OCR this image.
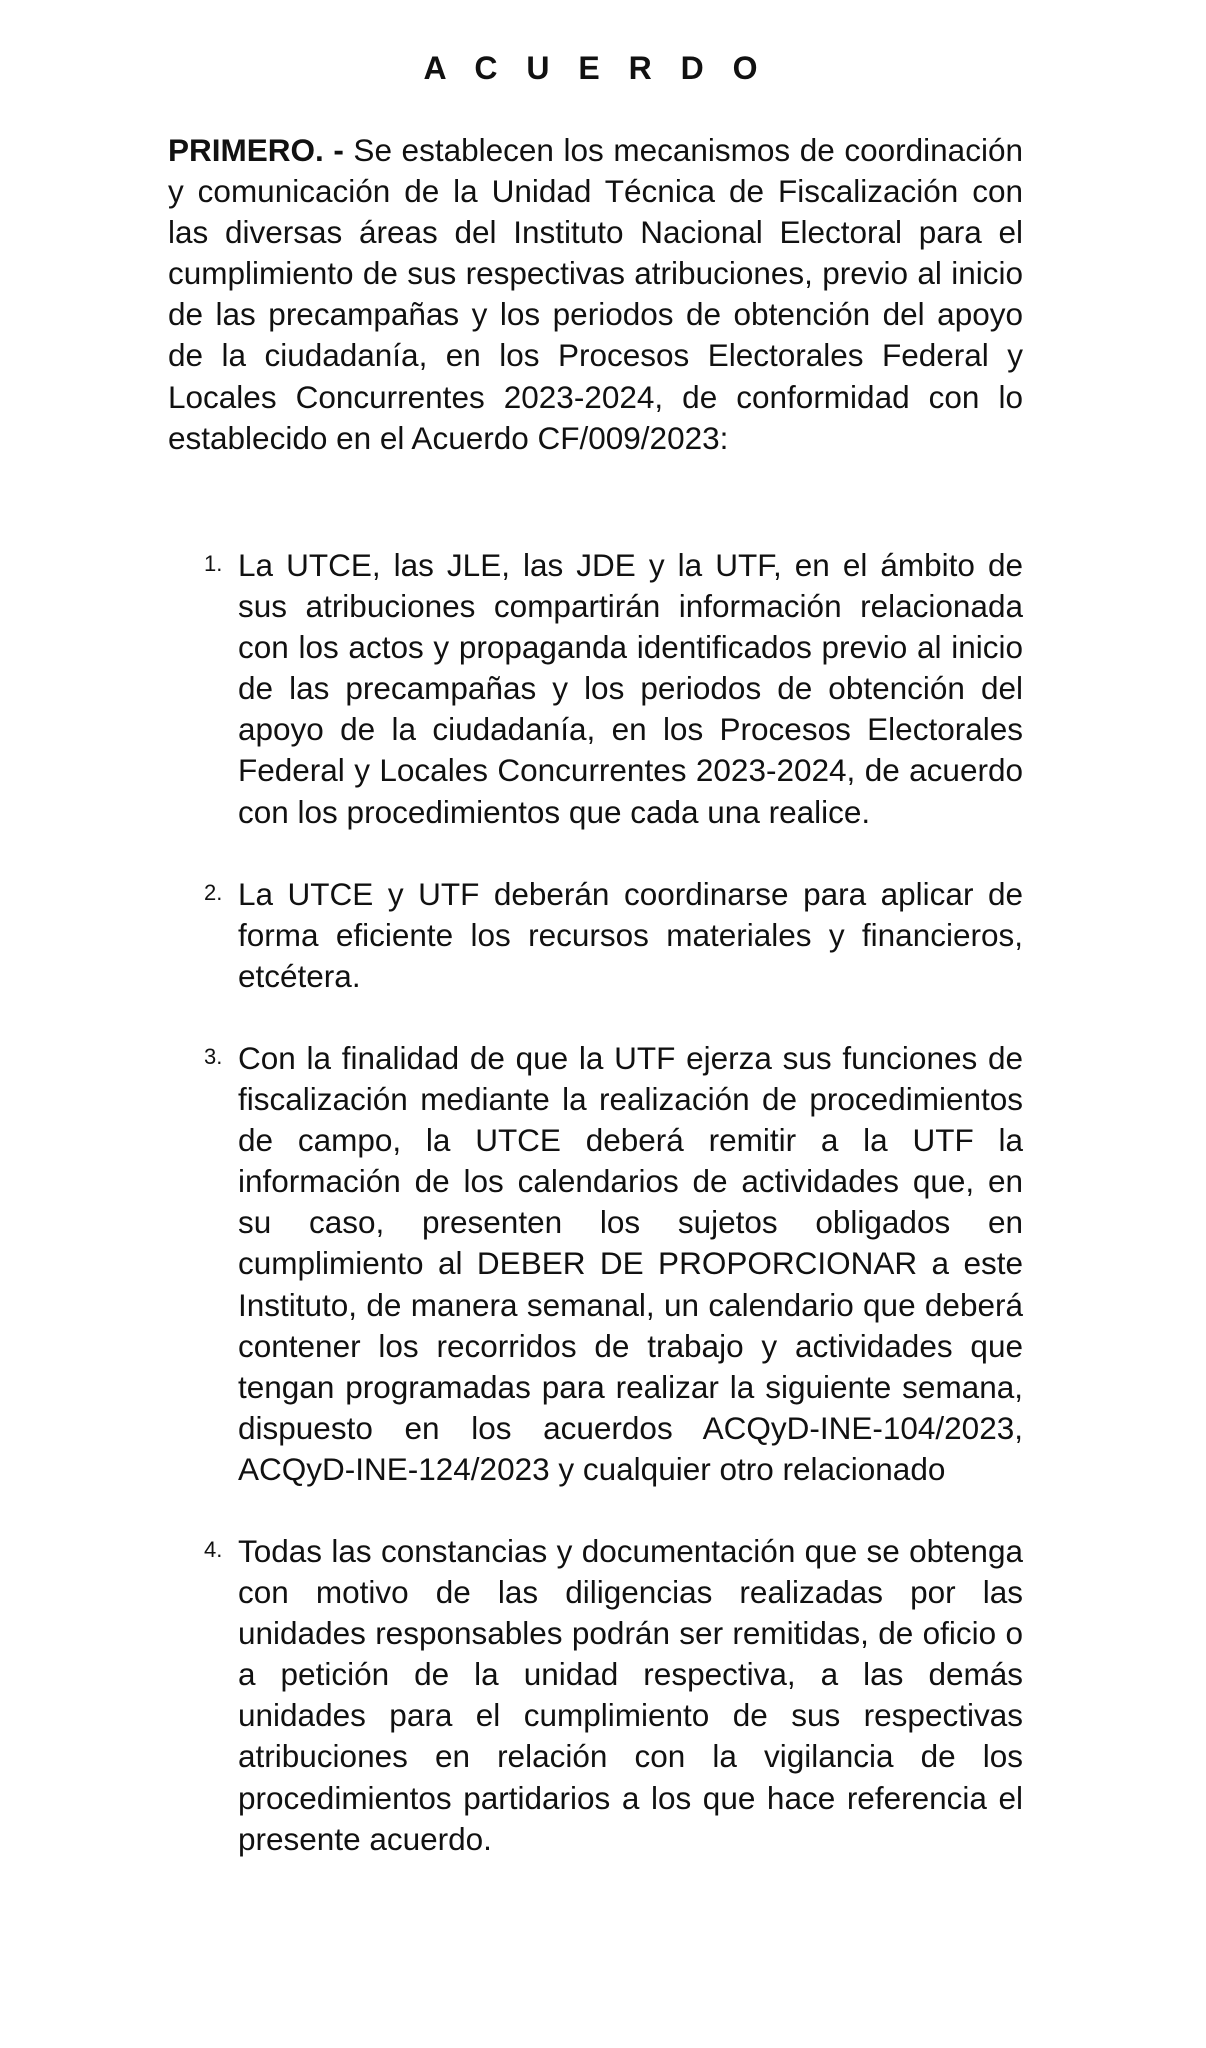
A C U E R D O

PRIMERO. - Se establecen los mecanismos de coordinación y comunicación de la Unidad Técnica de Fiscalización con las diversas áreas del Instituto Nacional Electoral para el cumplimiento de sus respectivas atribuciones, previo al inicio de las precampañas y los periodos de obtención del apoyo de la ciudadanía, en los Procesos Electorales Federal y Locales Concurrentes 2023-2024, de conformidad con lo establecido en el Acuerdo CF/009/2023:

1. La UTCE, las JLE, las JDE y la UTF, en el ámbito de sus atribuciones compartirán información relacionada con los actos y propaganda identificados previo al inicio de las precampañas y los periodos de obtención del apoyo de la ciudadanía, en los Procesos Electorales Federal y Locales Concurrentes 2023-2024, de acuerdo con los procedimientos que cada una realice.
2. La UTCE y UTF deberán coordinarse para aplicar de forma eficiente los recursos materiales y financieros, etcétera.
3. Con la finalidad de que la UTF ejerza sus funciones de fiscalización mediante la realización de procedimientos de campo, la UTCE deberá remitir a la UTF la información de los calendarios de actividades que, en su caso, presenten los sujetos obligados en cumplimiento al DEBER DE PROPORCIONAR a este Instituto, de manera semanal, un calendario que deberá contener los recorridos de trabajo y actividades que tengan programadas para realizar la siguiente semana, dispuesto en los acuerdos ACQyD-INE-104/2023, ACQyD-INE-124/2023 y cualquier otro relacionado
4. Todas las constancias y documentación que se obtenga con motivo de las diligencias realizadas por las unidades responsables podrán ser remitidas, de oficio o a petición de la unidad respectiva, a las demás unidades para el cumplimiento de sus respectivas atribuciones en relación con la vigilancia de los procedimientos partidarios a los que hace referencia el presente acuerdo.
